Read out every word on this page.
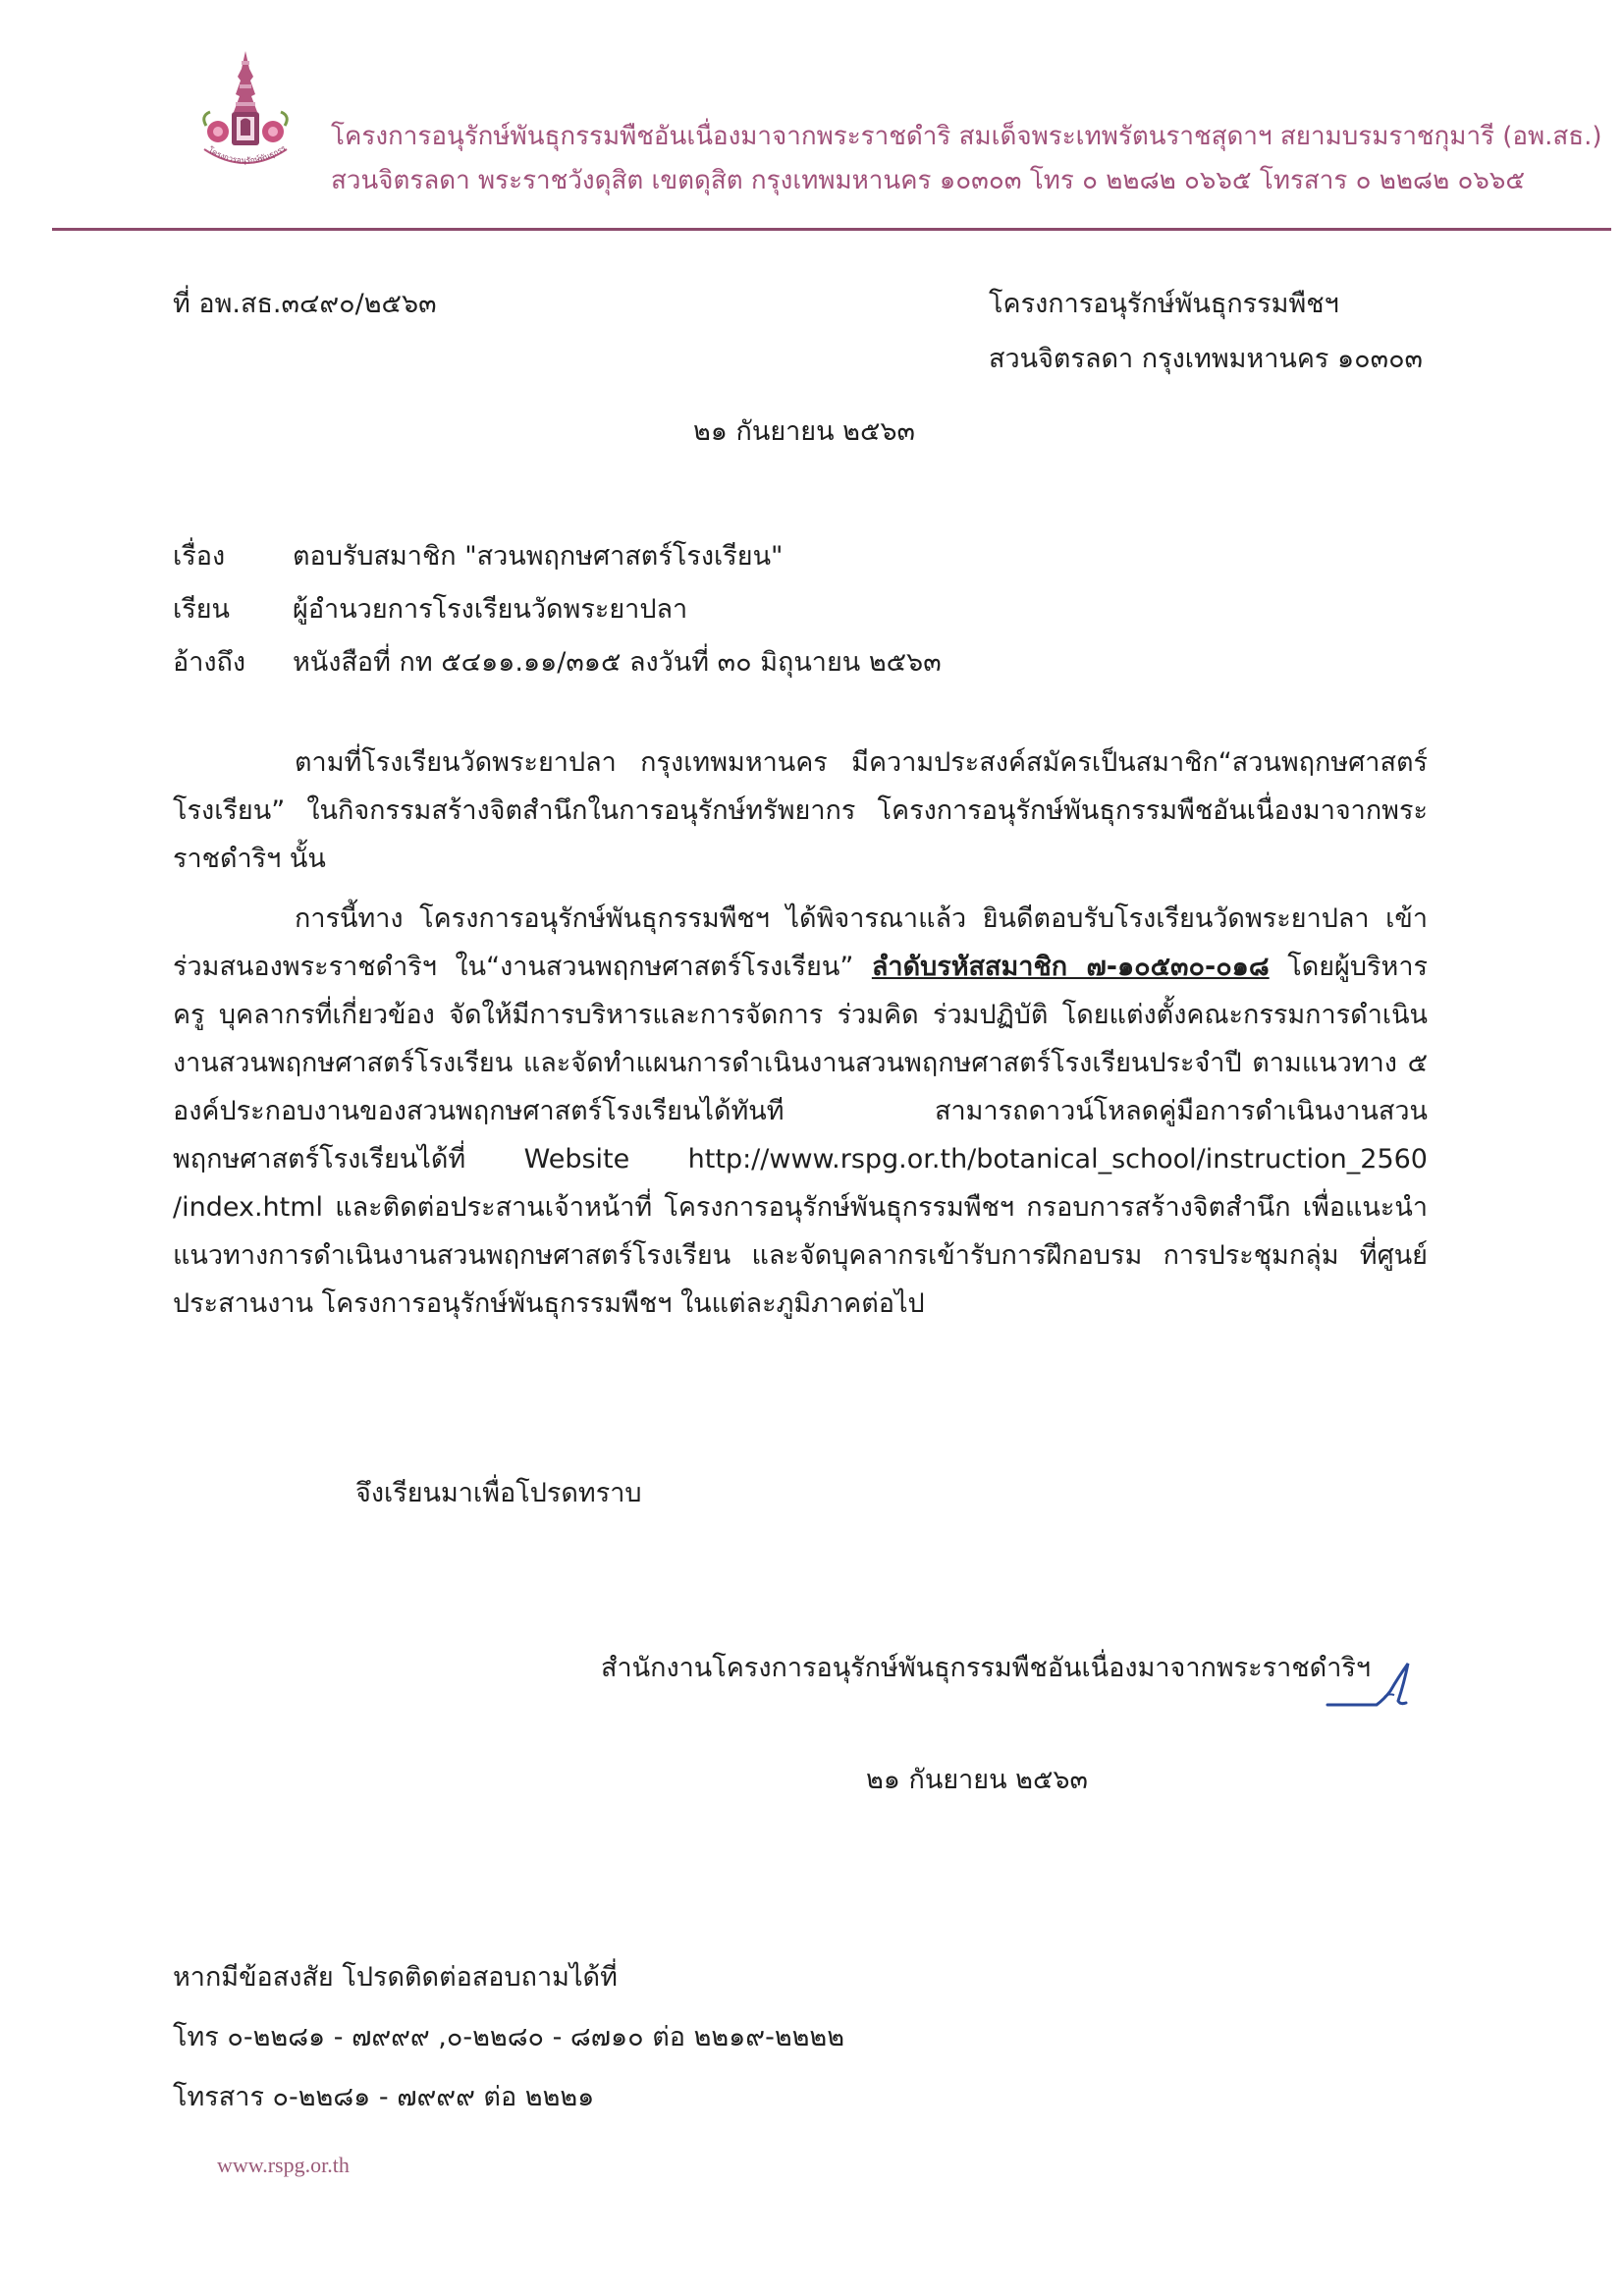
โครงการอนุรักษ์พันธุกรร โครงการอนุรักษ์พันธุกรรมพืชอันเนื่องมาจากพระราชดำริ สมเด็จพระเทพรัตนราชสุดาฯ สยามบรมราชกุมารี (อพ.สธ.)
สวนจิตรลดา พระราชวังดุสิต เขตดุสิต กรุงเทพมหานคร ๑๐๓๐๓ โทร ๐ ๒๒๘๒ ๐๖๖๕ โทรสาร ๐ ๒๒๘๒ ๐๖๖๕
ที่ อพ.สธ.๓๔๙๐/๒๕๖๓	โครงการอนุรักษ์พันธุกรรมพืชฯ
สวนจิตรลดา กรุงเทพมหานคร ๑๐๓๐๓
๒๑ กันยายน ๒๕๖๓
เรื่อง	ตอบรับสมาชิก "สวนพฤกษศาสตร์โรงเรียน"
เรียน ผู้อำนวยการโรงเรียนวัดพระยาปลา
อ้างถึง หนังสือที่ กท ๕๔๑๑.๑๑/๓๑๕ ลงวันที่ ๓๐ มิถุนายน ๒๕๖๓
ตามที่โรงเรียนวัดพระยาปลา กรุงเทพมหานคร มีความประสงค์สมัครเป็นสมาชิก“สวนพฤกษศาสตร์โรงเรียน” ในกิจกรรมสร้างจิตสำนึกในการอนุรักษ์ทรัพยากร โครงการอนุรักษ์พันธุกรรมพืชอันเนื่องมาจากพระราชดำริฯ นั้น
การนี้ทาง โครงการอนุรักษ์พันธุกรรมพืชฯ ได้พิจารณาแล้ว ยินดีตอบรับโรงเรียนวัดพระยาปลา เข้าร่วมสนองพระราชดำริฯ ใน“งานสวนพฤกษศาสตร์โรงเรียน” ลำดับรหัสสมาชิก ๗-๑๐๕๓๐-๐๑๘ โดยผู้บริหาร ครู บุคลากรที่เกี่ยวข้อง จัดให้มีการบริหารและการจัดการ ร่วมคิด ร่วมปฏิบัติ โดยแต่งตั้งคณะกรรมการดำเนินงานสวนพฤกษศาสตร์โรงเรียน และจัดทำแผนการดำเนินงานสวนพฤกษศาสตร์โรงเรียนประจำปี ตามแนวทาง ๕ องค์ประกอบงานของสวนพฤกษศาสตร์โรงเรียนได้ทันที สามารถดาวน์โหลดคู่มือการดำเนินงานสวนพฤกษศาสตร์โรงเรียนได้ที่ Website http://www.rspg.or.th/botanical_school/instruction_2560 /index.html และติดต่อประสานเจ้าหน้าที่ โครงการอนุรักษ์พันธุกรรมพืชฯ กรอบการสร้างจิตสำนึก เพื่อแนะนำแนวทางการดำเนินงานสวนพฤกษศาสตร์โรงเรียน และจัดบุคลากรเข้ารับการฝึกอบรม การประชุมกลุ่ม ที่ศูนย์ประสานงาน โครงการอนุรักษ์พันธุกรรมพืชฯ ในแต่ละภูมิภาคต่อไป
จึงเรียนมาเพื่อโปรดทราบ
สำนักงานโครงการอนุรักษ์พันธุกรรมพืชอันเนื่องมาจากพระราชดำริฯ
๒๑ กันยายน ๒๕๖๓
หากมีข้อสงสัย โปรดติดต่อสอบถามได้ที่
โทร ๐-๒๒๘๑ - ๗๙๙๙ ,๐-๒๒๘๐ - ๘๗๑๐ ต่อ ๒๒๑๙-๒๒๒๒
โทรสาร ๐-๒๒๘๑ - ๗๙๙๙ ต่อ ๒๒๒๑
www.rspg.or.th
